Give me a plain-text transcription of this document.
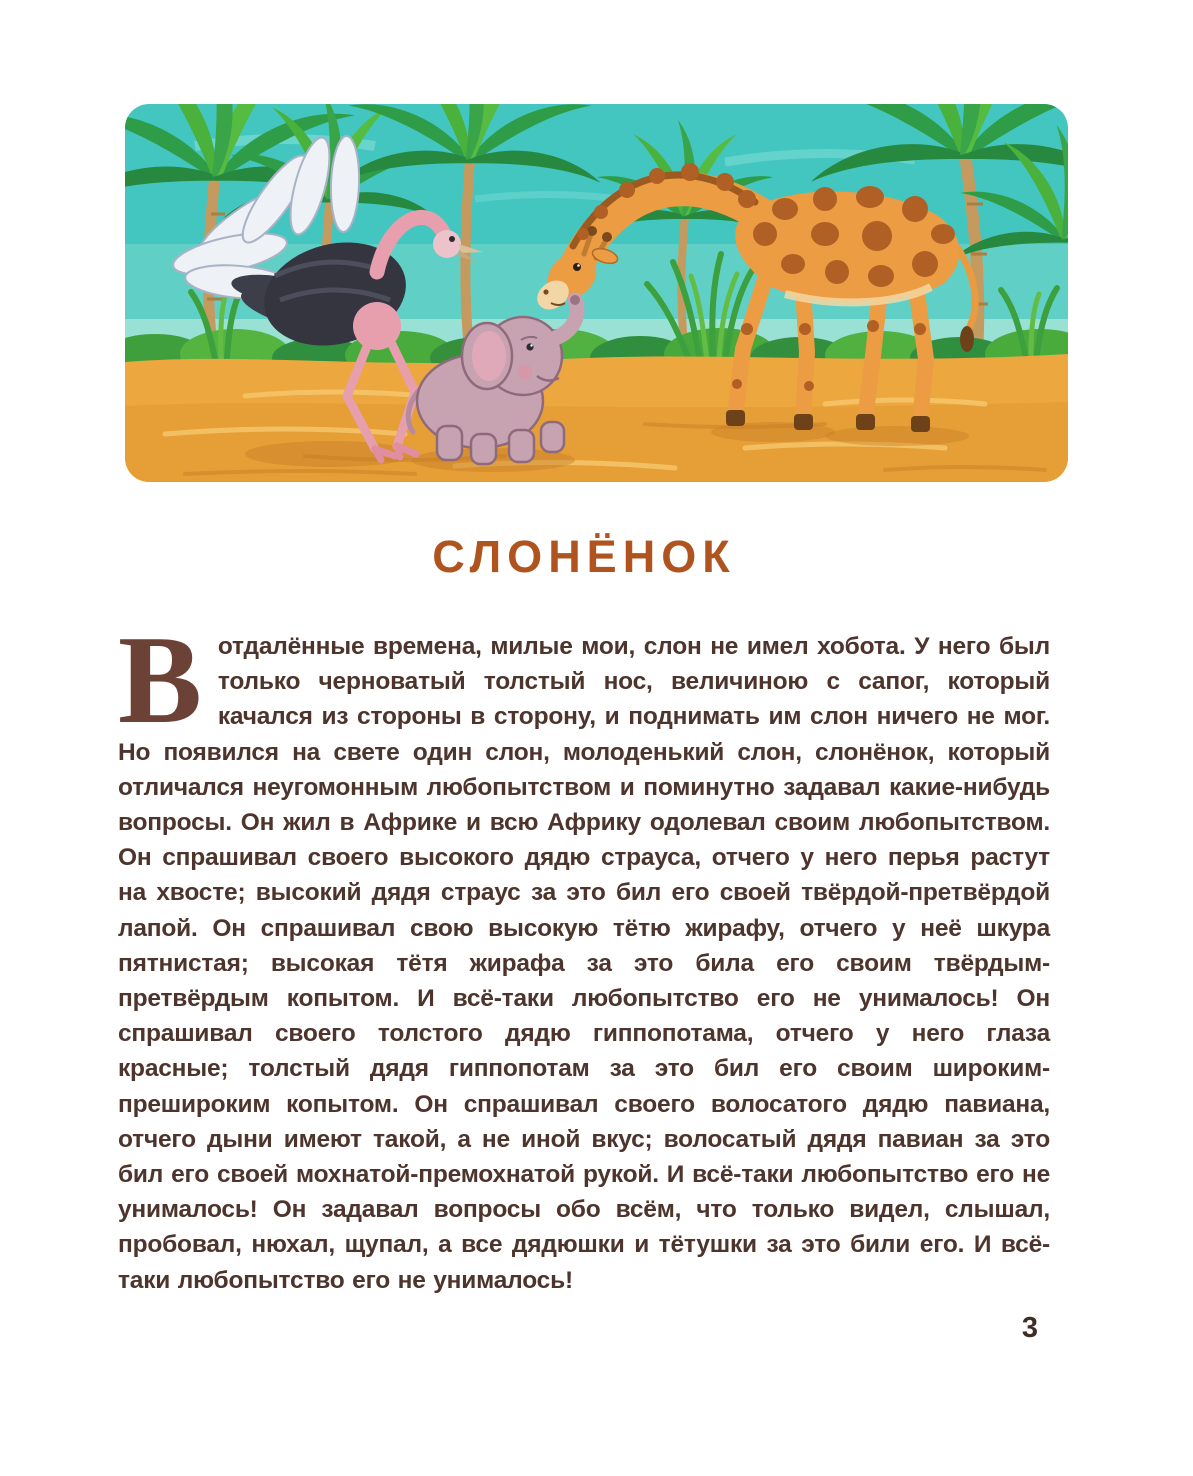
СЛОНЁНОК
Вотдалённые времена, милые мои, слон не имел хобота. У него был только черноватый толстый нос, величиною с сапог, который качался из стороны в сторону, и поднимать им слон ничего не мог. Но появился на свете один слон, молоденький слон, слонёнок, который отличался неугомонным любопытством и поминутно задавал какие-нибудь вопросы. Он жил в Африке и всю Африку одолевал своим любопытством. Он спрашивал своего высокого дядю страуса, отчего у него перья растут на хвосте; высокий дядя страус за это бил его своей твёрдой-претвёрдой лапой. Он спрашивал свою высокую тётю жирафу, отчего у неё шкура пятнистая; высокая тётя жирафа за это била его своим твёрдым-претвёрдым копытом. И всё-таки любопытство его не унималось! Он спрашивал своего толстого дядю гиппопотама, отчего у него глаза красные; толстый дядя гиппопотам за это бил его своим широким-прешироким копытом. Он спрашивал своего волосатого дядю павиана, отчего дыни имеют такой, а не иной вкус; волосатый дядя павиан за это бил его своей мохнатой-премохнатой рукой. И всё-таки любопытство его не унималось! Он задавал вопросы обо всём, что только видел, слышал, пробовал, нюхал, щупал, а все дядюшки и тётушки за это били его. И всё-таки любопытство его не унималось!
3
